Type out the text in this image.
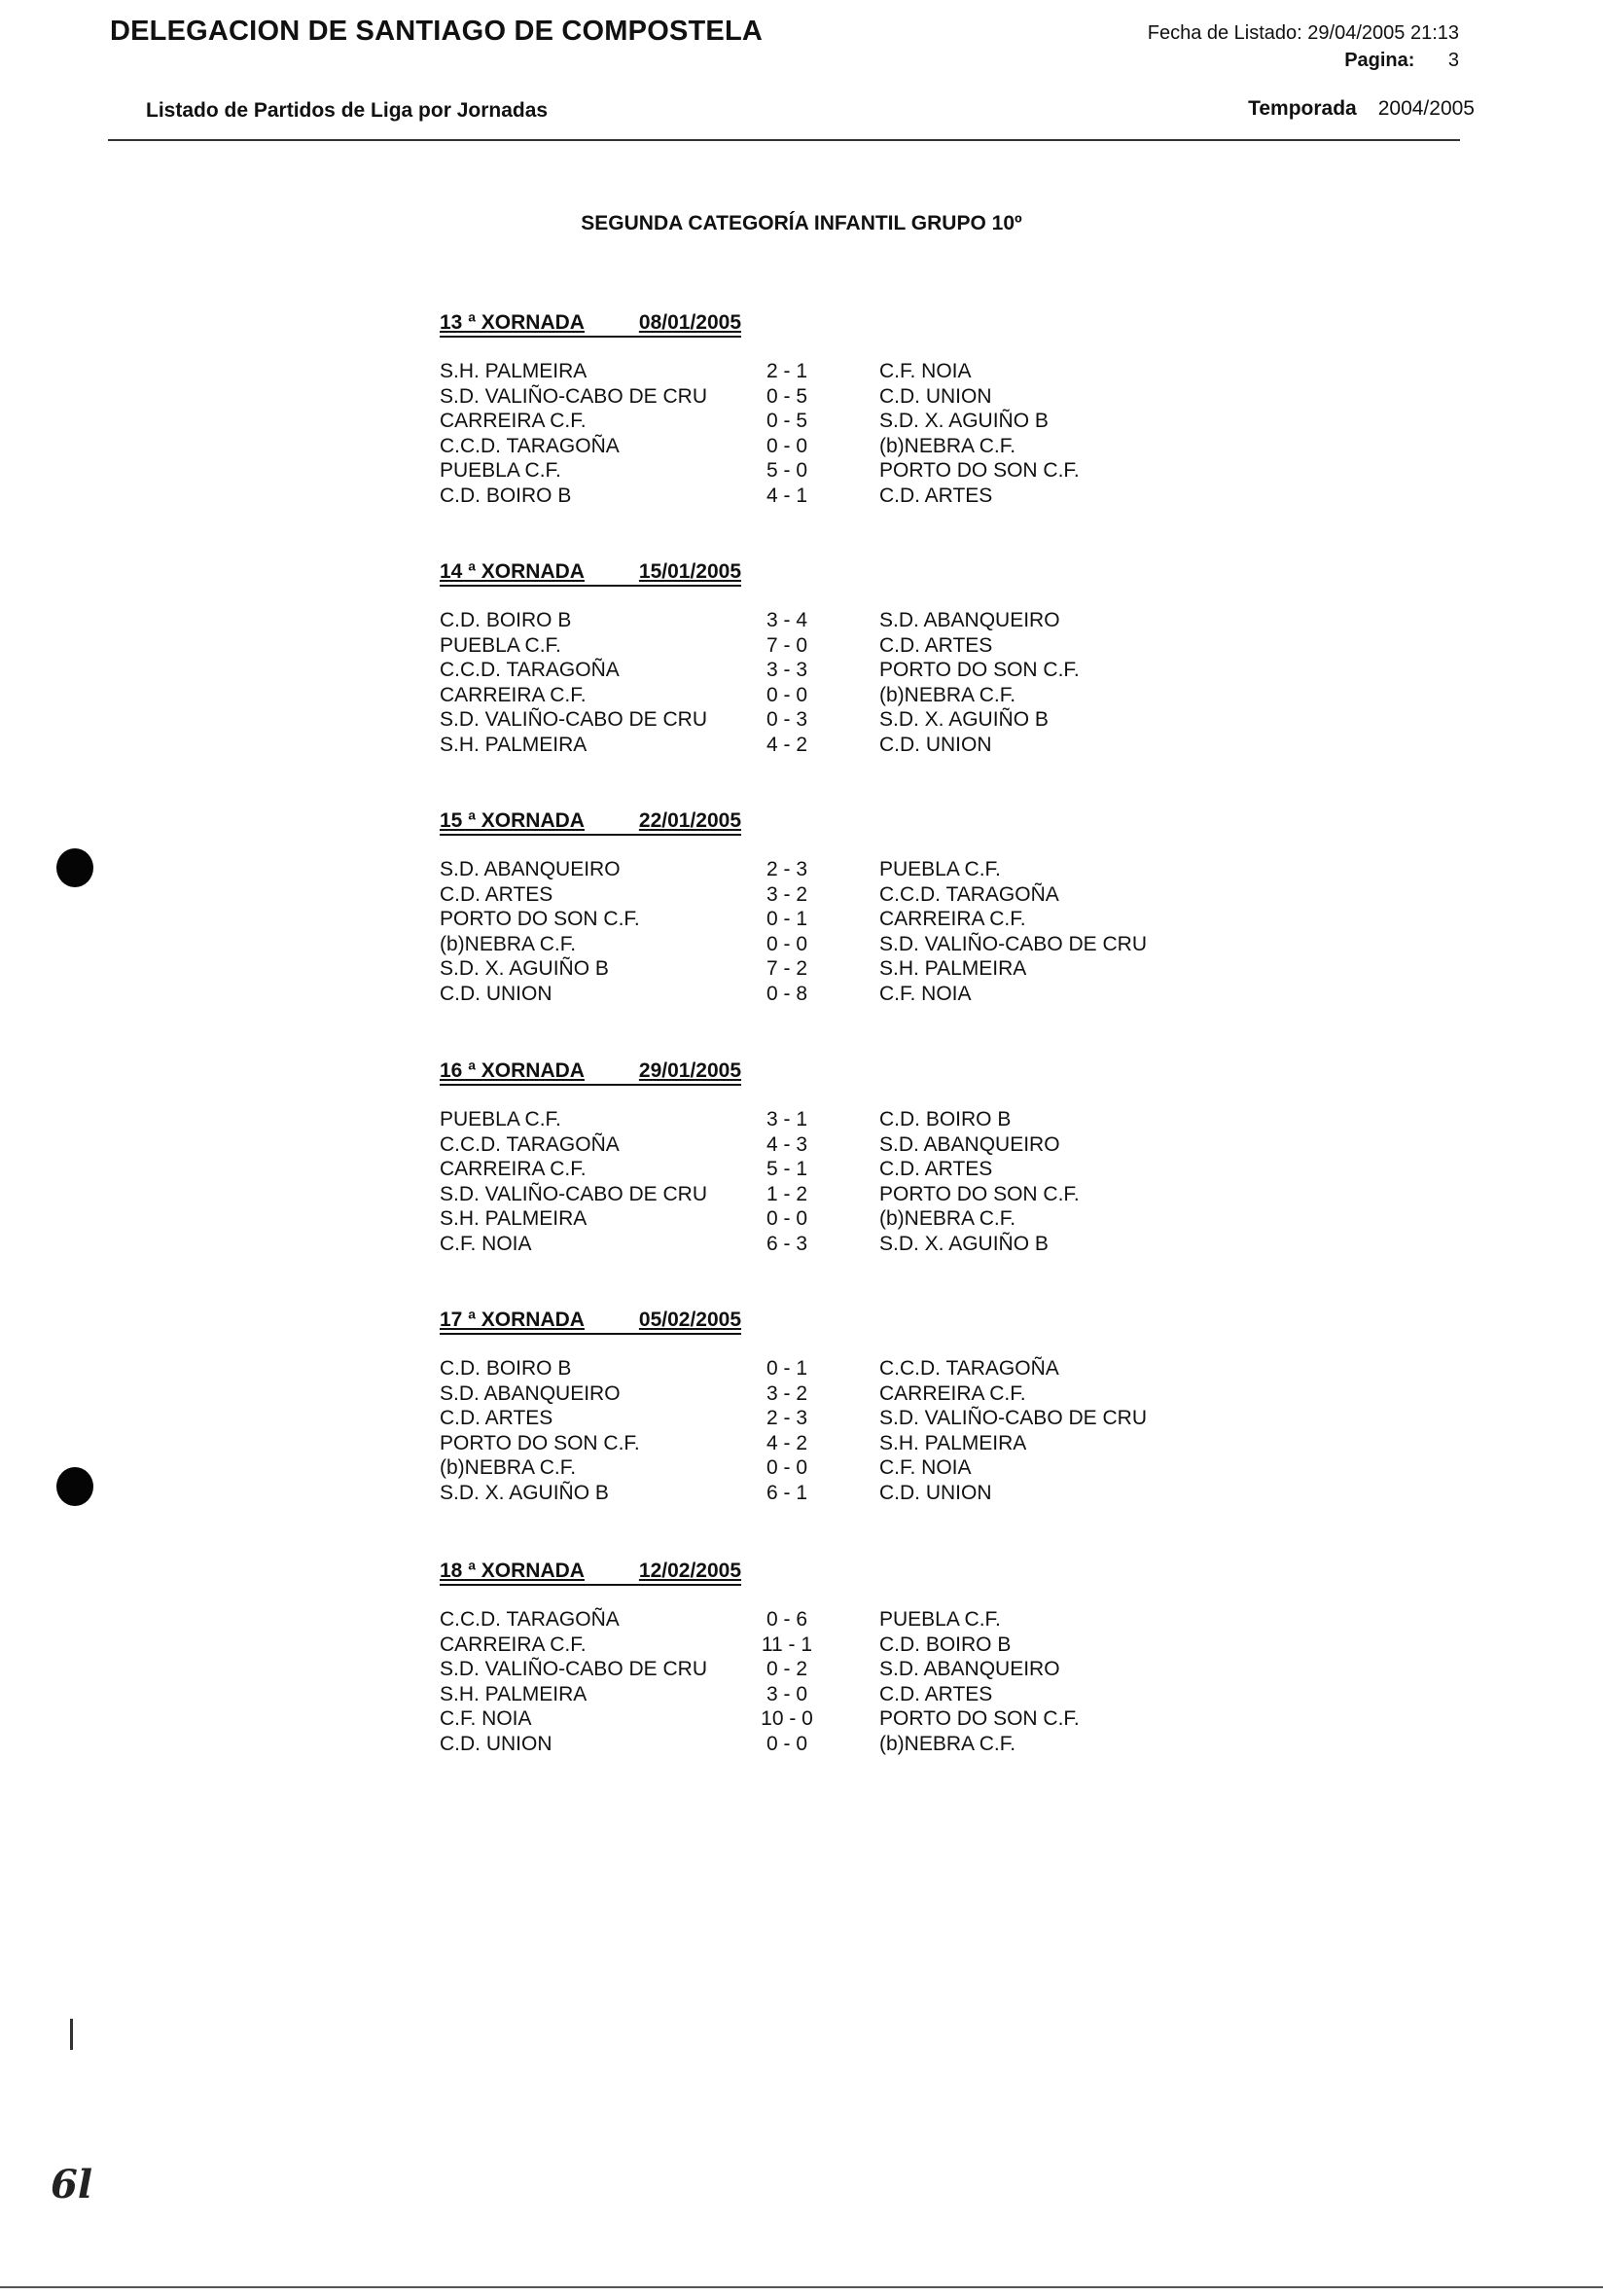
DELEGACION DE SANTIAGO DE COMPOSTELA	Fecha de Listado: 29/04/2005 21:13
Pagina: 3
Listado de Partidos de Liga por Jornadas	Temporada 2004/2005
SEGUNDA CATEGORÍA INFANTIL GRUPO 10º
13 ª XORNADA	08/01/2005
S.H. PALMEIRA	2 - 1	C.F. NOIA
S.D. VALIÑO-CABO DE CRU	0 - 5	C.D. UNION
CARREIRA C.F.	0 - 5	S.D. X. AGUIÑO B
C.C.D. TARAGOÑA	0 - 0	(b)NEBRA C.F.
PUEBLA C.F.	5 - 0	PORTO DO SON C.F.
C.D. BOIRO B	4 - 1	C.D. ARTES
14 ª XORNADA	15/01/2005
C.D. BOIRO B	3 - 4	S.D. ABANQUEIRO
PUEBLA C.F.	7 - 0	C.D. ARTES
C.C.D. TARAGOÑA	3 - 3	PORTO DO SON C.F.
CARREIRA C.F.	0 - 0	(b)NEBRA C.F.
S.D. VALIÑO-CABO DE CRU	0 - 3	S.D. X. AGUIÑO B
S.H. PALMEIRA	4 - 2	C.D. UNION
15 ª XORNADA	22/01/2005
S.D. ABANQUEIRO	2 - 3	PUEBLA C.F.
C.D. ARTES	3 - 2	C.C.D. TARAGOÑA
PORTO DO SON C.F.	0 - 1	CARREIRA C.F.
(b)NEBRA C.F.	0 - 0	S.D. VALIÑO-CABO DE CRU
S.D. X. AGUIÑO B	7 - 2	S.H. PALMEIRA
C.D. UNION	0 - 8	C.F. NOIA
16 ª XORNADA	29/01/2005
PUEBLA C.F.	3 - 1	C.D. BOIRO B
C.C.D. TARAGOÑA	4 - 3	S.D. ABANQUEIRO
CARREIRA C.F.	5 - 1	C.D. ARTES
S.D. VALIÑO-CABO DE CRU	1 - 2	PORTO DO SON C.F.
S.H. PALMEIRA	0 - 0	(b)NEBRA C.F.
C.F. NOIA	6 - 3	S.D. X. AGUIÑO B
17 ª XORNADA	05/02/2005
C.D. BOIRO B	0 - 1	C.C.D. TARAGOÑA
S.D. ABANQUEIRO	3 - 2	CARREIRA C.F.
C.D. ARTES	2 - 3	S.D. VALIÑO-CABO DE CRU
PORTO DO SON C.F.	4 - 2	S.H. PALMEIRA
(b)NEBRA C.F.	0 - 0	C.F. NOIA
S.D. X. AGUIÑO B	6 - 1	C.D. UNION
18 ª XORNADA	12/02/2005
C.C.D. TARAGOÑA	0 - 6	PUEBLA C.F.
CARREIRA C.F.	11 - 1	C.D. BOIRO B
S.D. VALIÑO-CABO DE CRU	0 - 2	S.D. ABANQUEIRO
S.H. PALMEIRA	3 - 0	C.D. ARTES
C.F. NOIA	10 - 0	PORTO DO SON C.F.
C.D. UNION	0 - 0	(b)NEBRA C.F.
6l
